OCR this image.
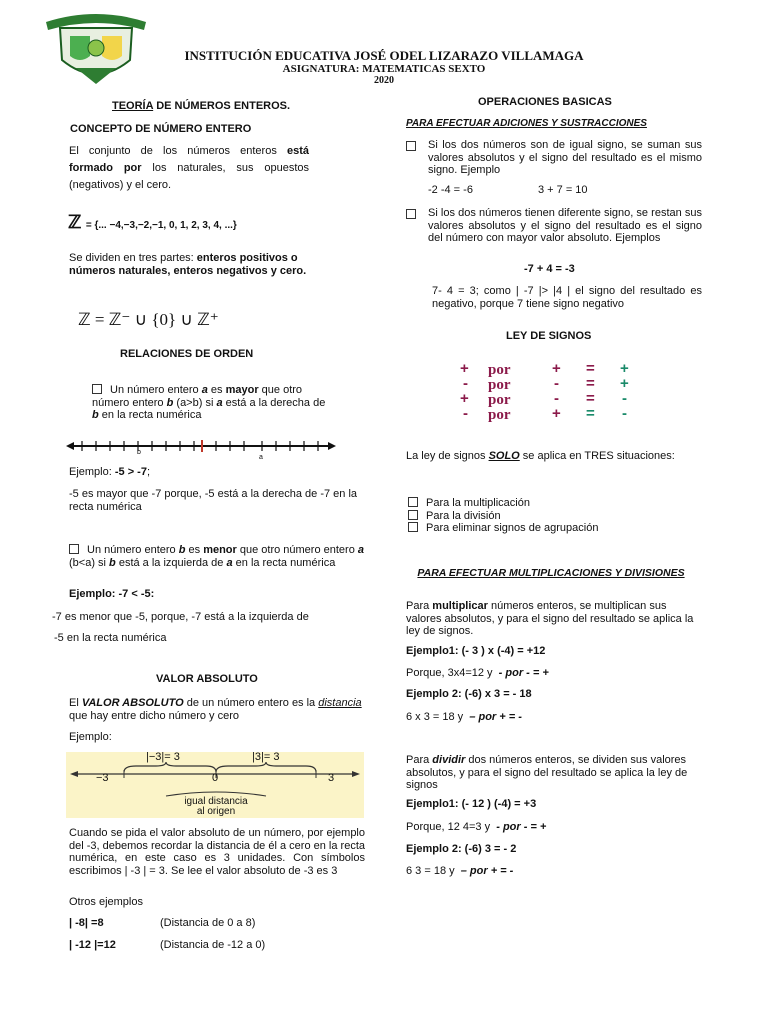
INSTITUCIÓN EDUCATIVA JOSÉ ODEL LIZARAZO VILLAMAGA
ASIGNATURA: MATEMATICAS SEXTO
2020
TEORÍA DE NÚMEROS ENTEROS.
CONCEPTO DE NÚMERO ENTERO
El conjunto de los números enteros está formado por los naturales, sus opuestos (negativos) y el cero.
ℤ = {... −4,−3,−2,−1, 0, 1, 2, 3, 4, ...}
Se dividen en tres partes: enteros positivos o números naturales, enteros negativos y cero.
ℤ = ℤ⁻ ∪ {0} ∪ ℤ⁺
RELACIONES DE ORDEN
Un número entero a es mayor que otro número entero b (a>b) si a está a la derecha de b en la recta numérica
b
a
Ejemplo: -5 > -7;
-5 es mayor que -7 porque, -5 está a la derecha de -7 en la recta numérica
Un número entero b es menor que otro número entero a (b<a) si b está a la izquierda de a en la recta numérica
Ejemplo: -7 < -5:
-7 es menor que -5, porque, -7 está a la izquierda de
-5 en la recta numérica
VALOR ABSOLUTO
El VALOR ABSOLUTO de un número entero es la distancia que hay entre dicho número y cero
Ejemplo:
|−3|= 3	|3|= 3
−3	0	3
igual distancia
al origen
Cuando se pida el valor absoluto de un número, por ejemplo del -3, debemos recordar la distancia de él a cero en la recta numérica, en este caso es 3 unidades. Con símbolos escribimos | -3 | = 3. Se lee el valor absoluto de -3 es 3
Otros ejemplos
| -8| =8	(Distancia de 0 a 8)
| -12 |=12	(Distancia de -12 a 0)
OPERACIONES BASICAS
PARA EFECTUAR ADICIONES Y SUSTRACCIONES
Si los dos números son de igual signo, se suman sus valores absolutos y el signo del resultado es el mismo signo. Ejemplo
-2 -4 = -6	3 + 7 = 10
Si los dos números tienen diferente signo, se restan sus valores absolutos y el signo del resultado es el signo del número con mayor valor absoluto. Ejemplos
-7 + 4 = -3
7- 4 = 3; como | -7 |> |4 | el signo del resultado es negativo, porque 7 tiene signo negativo
LEY DE SIGNOS
+ por	+ = +
- por	- = +
+ por	- = -
- por	+ = -
La ley de signos SOLO se aplica en TRES situaciones:
Para la multiplicación
Para la división
Para eliminar signos de agrupación
PARA EFECTUAR MULTIPLICACIONES Y DIVISIONES
Para multiplicar números enteros, se multiplican sus valores absolutos, y para el signo del resultado se aplica la ley de signos.
Ejemplo1: (- 3 ) x (-4) = +12
Porque, 3x4=12 y - por - = +
Ejemplo 2: (-6) x 3 = - 18
6 x 3 = 18 y – por + = -
Para dividir dos números enteros, se dividen sus valores absolutos, y para el signo del resultado se aplica la ley de signos
Ejemplo1: (- 12 ) (-4) = +3
Porque, 12 4=3 y - por - = +
Ejemplo 2: (-6) 3 = - 2
6 3 = 18 y – por + = -
